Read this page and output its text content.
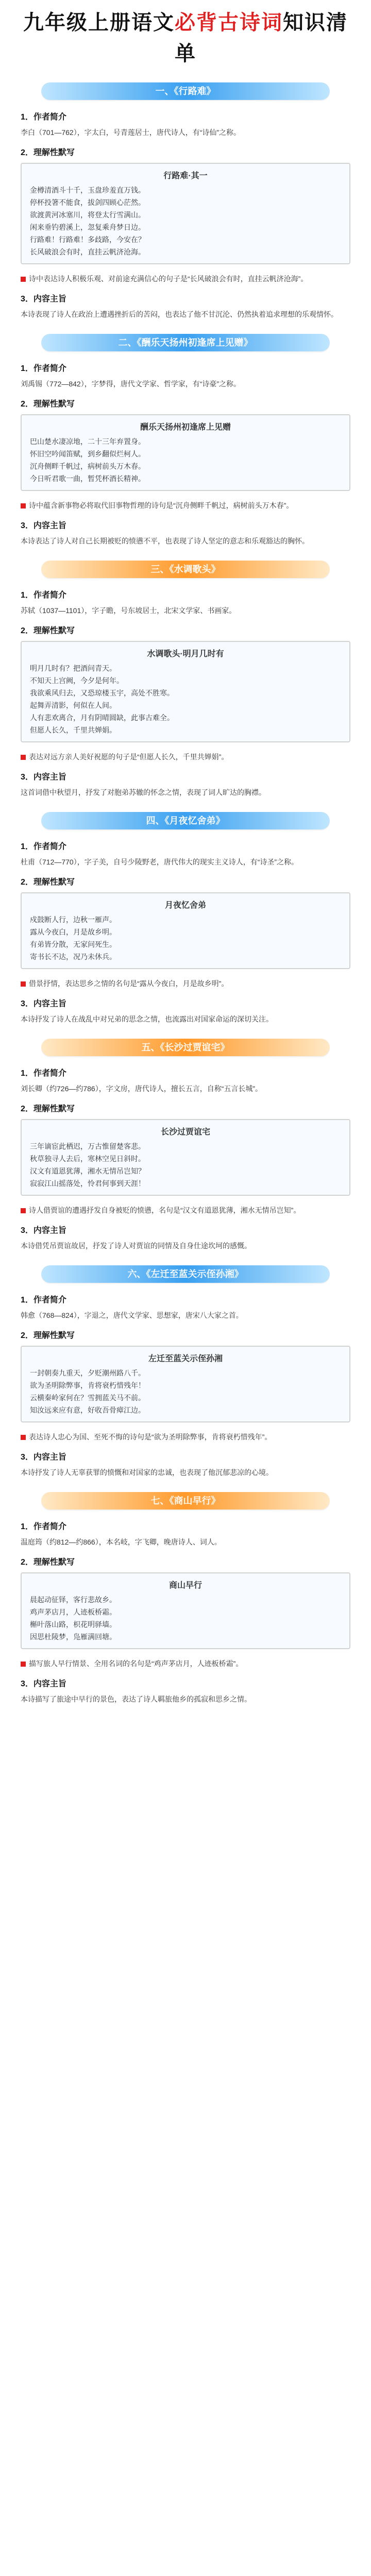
九年级上册语文必背古诗词知识清单
一、《行路难》
1．作者简介
李白（701—762），字太白，号青莲居士，唐代诗人，有“诗仙”之称。
2．理解性默写
行路难·其一
金樽清酒斗十千，玉盘珍羞直万钱。
停杯投箸不能食，拔剑四顾心茫然。
欲渡黄河冰塞川，将登太行雪满山。
闲来垂钓碧溪上，忽复乘舟梦日边。
行路难！行路难！多歧路，今安在？
长风破浪会有时，直挂云帆济沧海。
诗中表达诗人积极乐观、对前途充满信心的句子是“长风破浪会有时，直挂云帆济沧海”。
3．内容主旨
本诗表现了诗人在政治上遭遇挫折后的苦闷，也表达了他不甘沉沦、仍然执着追求理想的乐观情怀。
二、《酬乐天扬州初逢席上见赠》
1．作者简介
刘禹锡（772—842），字梦得，唐代文学家、哲学家，有“诗豪”之称。
2．理解性默写
酬乐天扬州初逢席上见赠
巴山楚水凄凉地，二十三年弃置身。
怀旧空吟闻笛赋，到乡翻似烂柯人。
沉舟侧畔千帆过，病树前头万木春。
今日听君歌一曲，暂凭杯酒长精神。
诗中蕴含新事物必将取代旧事物哲理的诗句是“沉舟侧畔千帆过，病树前头万木春”。
3．内容主旨
本诗表达了诗人对自己长期被贬的愤懑不平，也表现了诗人坚定的意志和乐观豁达的胸怀。
三、《水调歌头》
1．作者简介
苏轼（1037—1101），字子瞻，号东坡居士，北宋文学家、书画家。
2．理解性默写
水调歌头·明月几时有
明月几时有？把酒问青天。
不知天上宫阙，今夕是何年。
我欲乘风归去，又恐琼楼玉宇，高处不胜寒。
起舞弄清影，何似在人间。
人有悲欢离合，月有阴晴圆缺，此事古难全。
但愿人长久，千里共婵娟。
表达对远方亲人美好祝愿的句子是“但愿人长久，千里共婵娟”。
3．内容主旨
这首词借中秋望月，抒发了对胞弟苏辙的怀念之情，表现了词人旷达的胸襟。
四、《月夜忆舍弟》
1．作者简介
杜甫（712—770），字子美，自号少陵野老，唐代伟大的现实主义诗人，有“诗圣”之称。
2．理解性默写
月夜忆舍弟
戍鼓断人行，边秋一雁声。
露从今夜白，月是故乡明。
有弟皆分散，无家问死生。
寄书长不达，况乃未休兵。
借景抒情，表达思乡之情的名句是“露从今夜白，月是故乡明”。
3．内容主旨
本诗抒发了诗人在战乱中对兄弟的思念之情，也流露出对国家命运的深切关注。
五、《长沙过贾谊宅》
1．作者简介
刘长卿（约726—约786），字文房，唐代诗人，擅长五言，自称“五言长城”。
2．理解性默写
长沙过贾谊宅
三年谪宦此栖迟，万古惟留楚客悲。
秋草独寻人去后，寒林空见日斜时。
汉文有道恩犹薄，湘水无情吊岂知？
寂寂江山摇落处，怜君何事到天涯！
诗人借贾谊的遭遇抒发自身被贬的愤懑，名句是“汉文有道恩犹薄，湘水无情吊岂知”。
3．内容主旨
本诗借凭吊贾谊故居，抒发了诗人对贾谊的同情及自身仕途坎坷的感慨。
六、《左迁至蓝关示侄孙湘》
1．作者简介
韩愈（768—824），字退之，唐代文学家、思想家，唐宋八大家之首。
2．理解性默写
左迁至蓝关示侄孙湘
一封朝奏九重天，夕贬潮州路八千。
欲为圣明除弊事，肯将衰朽惜残年！
云横秦岭家何在？雪拥蓝关马不前。
知汝远来应有意，好收吾骨瘴江边。
表达诗人忠心为国、至死不悔的诗句是“欲为圣明除弊事，肯将衰朽惜残年”。
3．内容主旨
本诗抒发了诗人无辜获罪的愤慨和对国家的忠诚，也表现了他沉郁悲凉的心境。
七、《商山早行》
1．作者简介
温庭筠（约812—约866），本名岐，字飞卿，晚唐诗人、词人。
2．理解性默写
商山早行
晨起动征铎，客行悲故乡。
鸡声茅店月，人迹板桥霜。
槲叶落山路，枳花明驿墙。
因思杜陵梦，凫雁满回塘。
描写旅人早行情景、全用名词的名句是“鸡声茅店月，人迹板桥霜”。
3．内容主旨
本诗描写了旅途中早行的景色，表达了诗人羁旅他乡的孤寂和思乡之情。
